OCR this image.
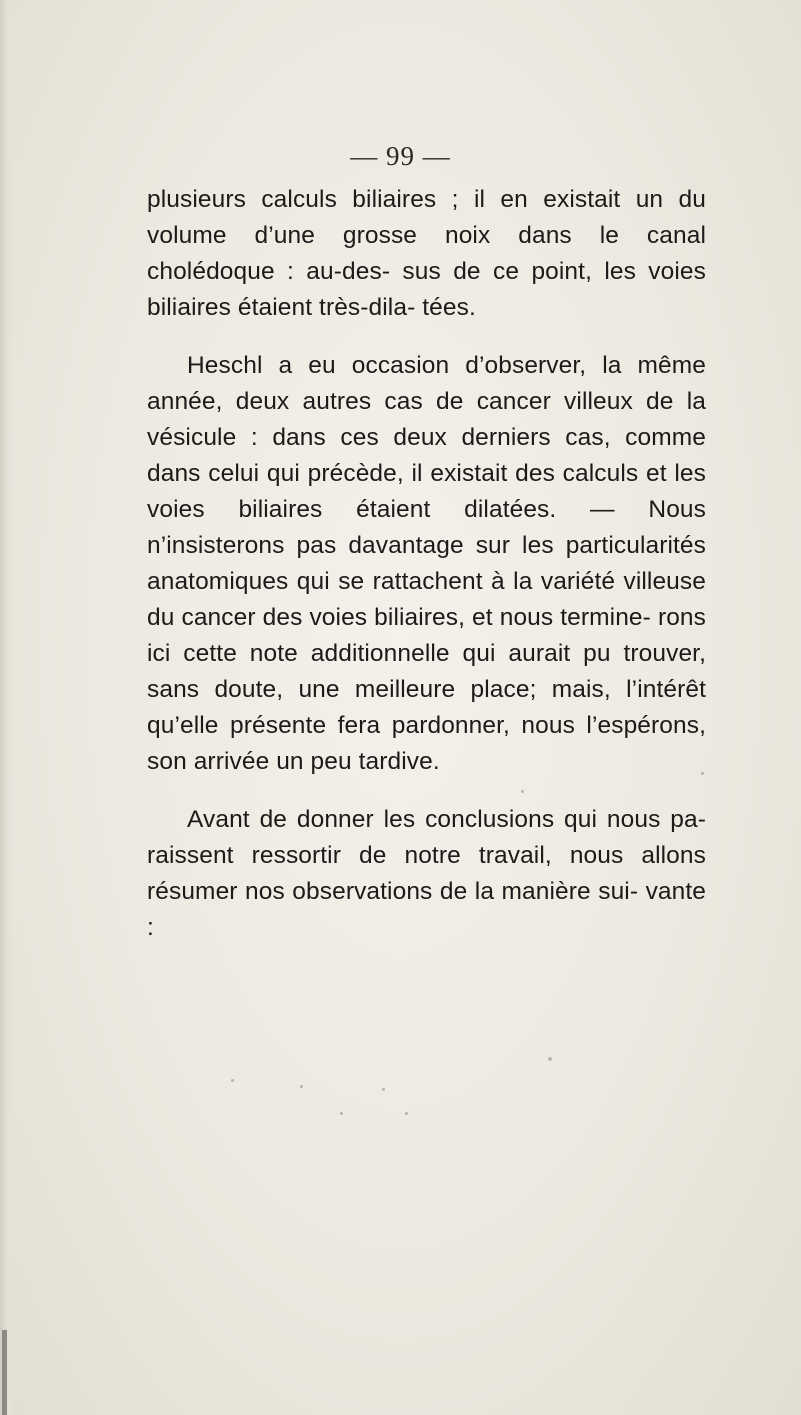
— 99 —

plusieurs calculs biliaires ; il en existait un du volume d’une grosse noix dans le canal cholédoque : au-des- sus de ce point, les voies biliaires étaient très-dila- tées.

Heschl a eu occasion d’observer, la même année, deux autres cas de cancer villeux de la vésicule : dans ces deux derniers cas, comme dans celui qui précède, il existait des calculs et les voies biliaires étaient dilatées. — Nous n’insisterons pas davantage sur les particularités anatomiques qui se rattachent à la variété villeuse du cancer des voies biliaires, et nous termine- rons ici cette note additionnelle qui aurait pu trouver, sans doute, une meilleure place; mais, l’intérêt qu’elle présente fera pardonner, nous l’espérons, son arrivée un peu tardive.

Avant de donner les conclusions qui nous pa- raissent ressortir de notre travail, nous allons résumer nos observations de la manière sui- vante :
